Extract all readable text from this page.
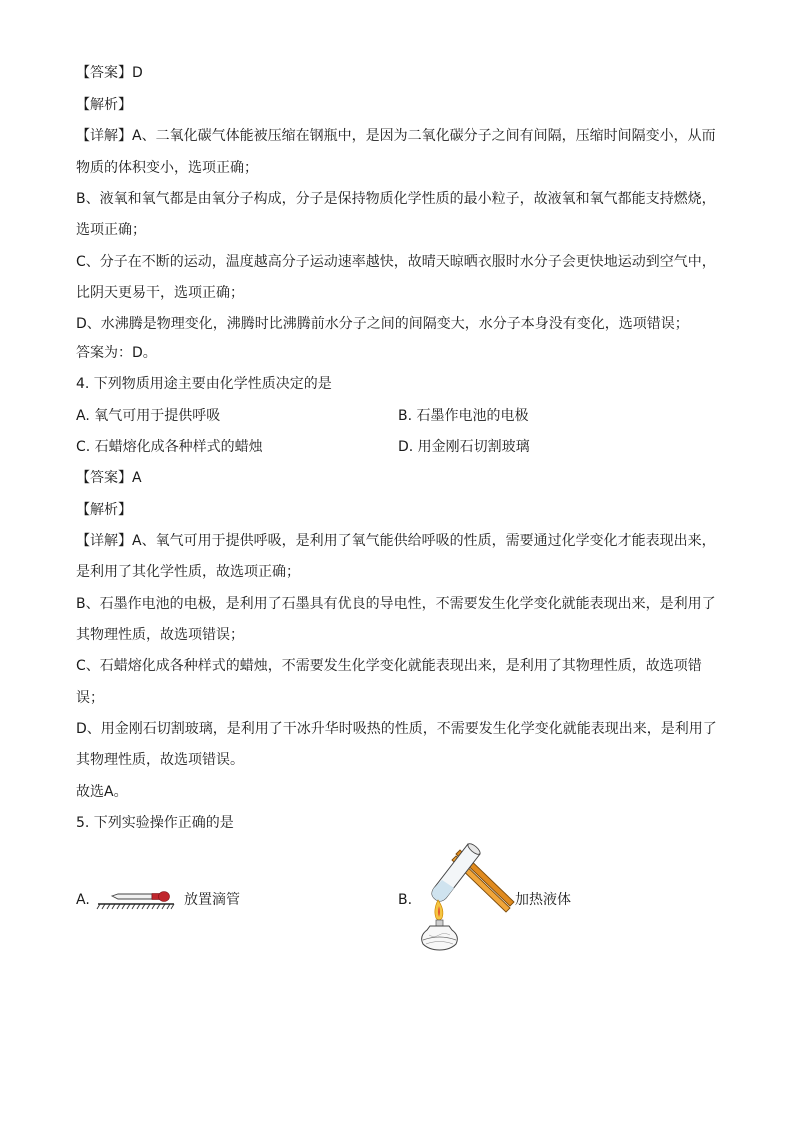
【答案】D
【解析】
【详解】A、二氧化碳气体能被压缩在钢瓶中，是因为二氧化碳分子之间有间隔，压缩时间隔变小，从而
物质的体积变小，选项正确；
B、液氧和氧气都是由氧分子构成，分子是保持物质化学性质的最小粒子，故液氧和氧气都能支持燃烧，
选项正确；
C、分子在不断的运动，温度越高分子运动速率越快，故晴天晾晒衣服时水分子会更快地运动到空气中，
比阴天更易干，选项正确；
D、水沸腾是物理变化，沸腾时比沸腾前水分子之间的间隔变大，水分子本身没有变化，选项错误；
答案为：D。
4. 下列物质用途主要由化学性质决定的是
A. 氧气可用于提供呼吸	B. 石墨作电池的电极
C. 石蜡熔化成各种样式的蜡烛	D. 用金刚石切割玻璃
【答案】A
【解析】
【详解】A、氧气可用于提供呼吸，是利用了氧气能供给呼吸的性质，需要通过化学变化才能表现出来，
是利用了其化学性质，故选项正确；
B、石墨作电池的电极，是利用了石墨具有优良的导电性，不需要发生化学变化就能表现出来，是利用了
其物理性质，故选项错误；
C、石蜡熔化成各种样式的蜡烛，不需要发生化学变化就能表现出来，是利用了其物理性质，故选项错
误；
D、用金刚石切割玻璃，是利用了干冰升华时吸热的性质，不需要发生化学变化就能表现出来，是利用了
其物理性质，故选项错误。
故选A。
5. 下列实验操作正确的是
A.	放置滴管	B.	加热液体
